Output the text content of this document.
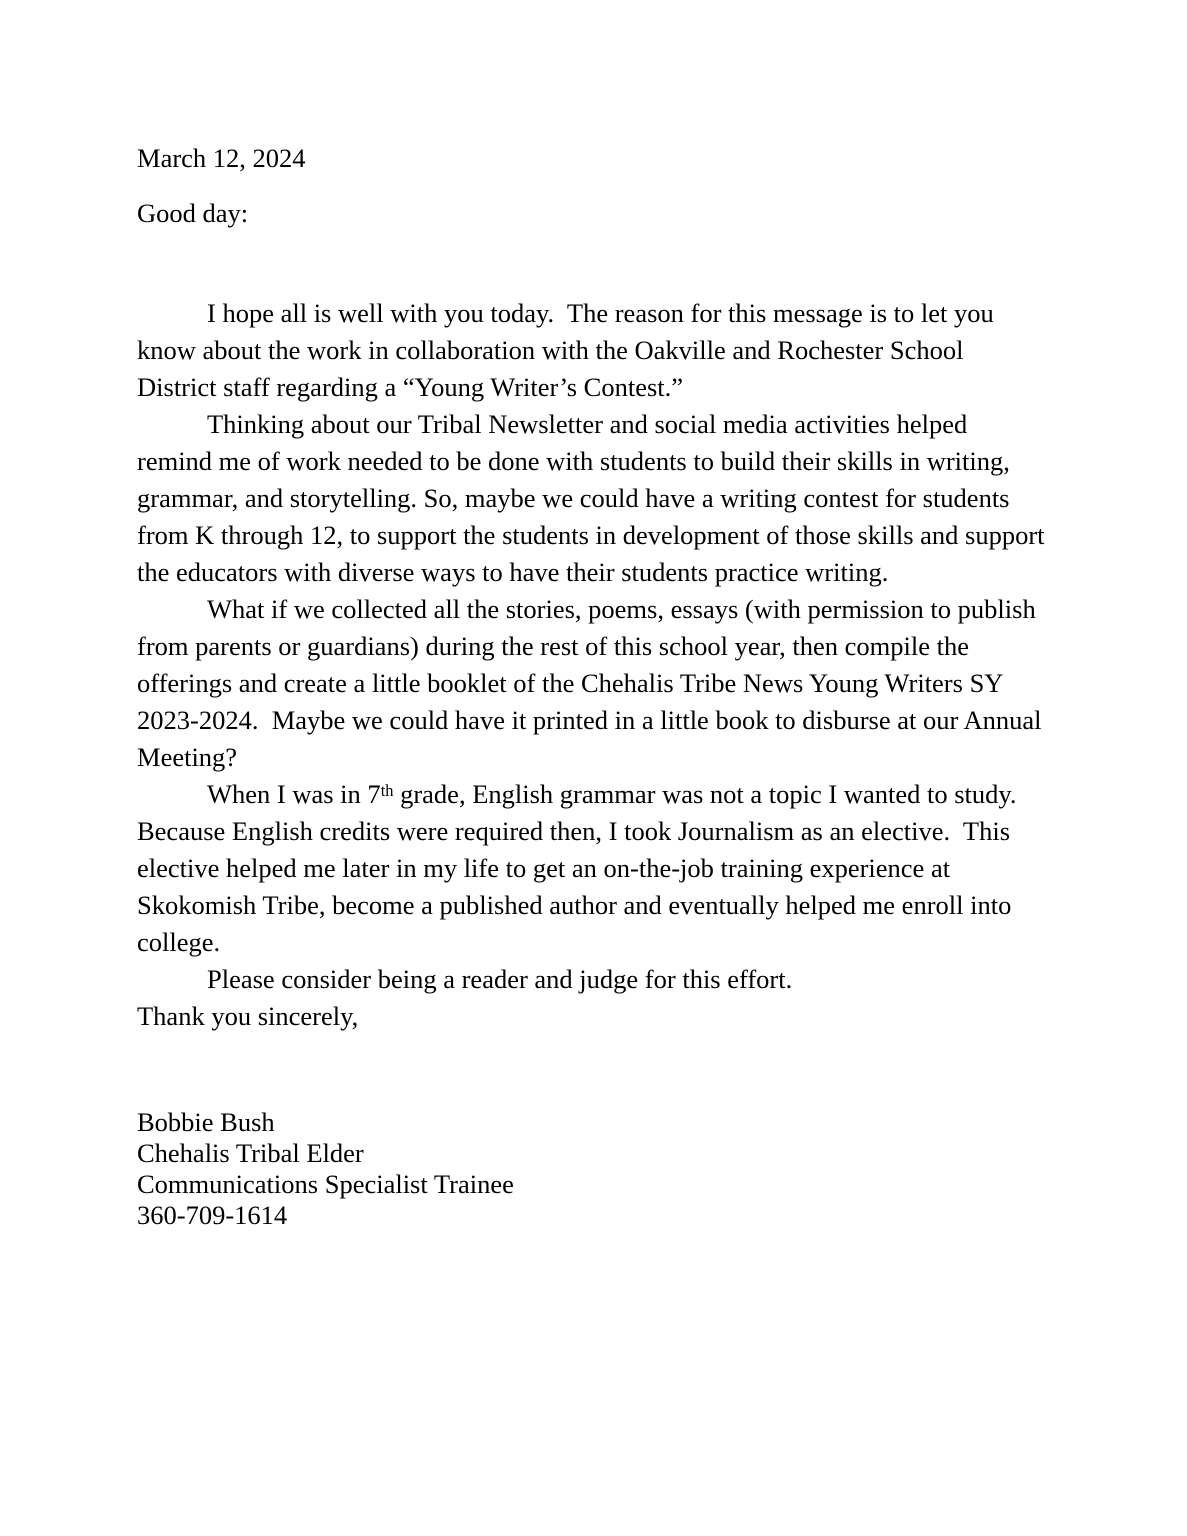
March 12, 2024
Good day:

I hope all is well with you today.  The reason for this message is to let you know about the work in collaboration with the Oakville and Rochester School District staff regarding a “Young Writer’s Contest.”

Thinking about our Tribal Newsletter and social media activities helped remind me of work needed to be done with students to build their skills in writing, grammar, and storytelling. So, maybe we could have a writing contest for students from K through 12, to support the students in development of those skills and support the educators with diverse ways to have their students practice writing.

What if we collected all the stories, poems, essays (with permission to publish from parents or guardians) during the rest of this school year, then compile the offerings and create a little booklet of the Chehalis Tribe News Young Writers SY 2023-2024.  Maybe we could have it printed in a little book to disburse at our Annual Meeting?

When I was in 7th grade, English grammar was not a topic I wanted to study.  Because English credits were required then, I took Journalism as an elective.  This elective helped me later in my life to get an on-the-job training experience at Skokomish Tribe, become a published author and eventually helped me enroll into college.

Please consider being a reader and judge for this effort.

Thank you sincerely,
Bobbie Bush
Chehalis Tribal Elder
Communications Specialist Trainee
360-709-1614
